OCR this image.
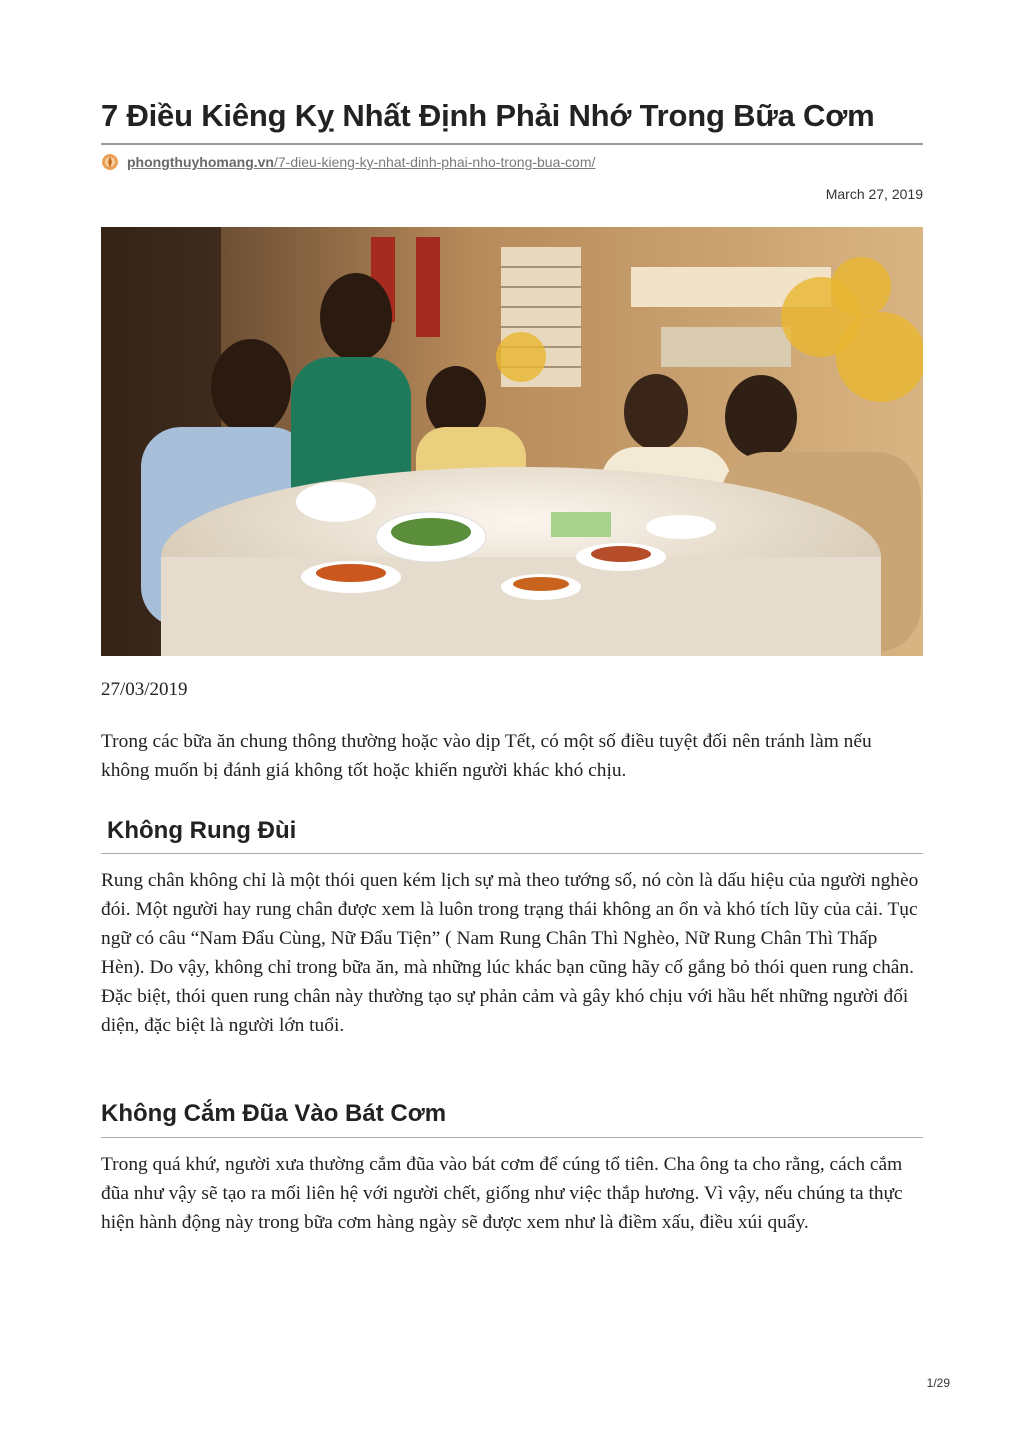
7 Điều Kiêng Kỵ Nhất Định Phải Nhớ Trong Bữa Cơm
phongthuyhomang.vn/7-dieu-kieng-ky-nhat-dinh-phai-nho-trong-bua-com/
March 27, 2019
27/03/2019

Trong các bữa ăn chung thông thường hoặc vào dịp Tết, có một số điều tuyệt đối nên tránh làm nếu không muốn bị đánh giá không tốt hoặc khiến người khác khó chịu.

Không Rung Đùi

Rung chân không chỉ là một thói quen kém lịch sự mà theo tướng số, nó còn là dấu hiệu của người nghèo đói. Một người hay rung chân được xem là luôn trong trạng thái không an ổn và khó tích lũy của cải. Tục ngữ có câu “Nam Đẩu Cùng, Nữ Đẩu Tiện” ( Nam Rung Chân Thì Nghèo, Nữ Rung Chân Thì Thấp Hèn). Do vậy, không chỉ trong bữa ăn, mà những lúc khác bạn cũng hãy cố gắng bỏ thói quen rung chân. Đặc biệt, thói quen rung chân này thường tạo sự phản cảm và gây khó chịu với hầu hết những người đối diện, đặc biệt là người lớn tuổi.

Không Cắm Đũa Vào Bát Cơm

Trong quá khứ, người xưa thường cắm đũa vào bát cơm để cúng tổ tiên. Cha ông ta cho rằng, cách cắm đũa như vậy sẽ tạo ra mối liên hệ với người chết, giống như việc thắp hương. Vì vậy, nếu chúng ta thực hiện hành động này trong bữa cơm hàng ngày sẽ được xem như là điềm xấu, điều xúi quẩy.

1/29
